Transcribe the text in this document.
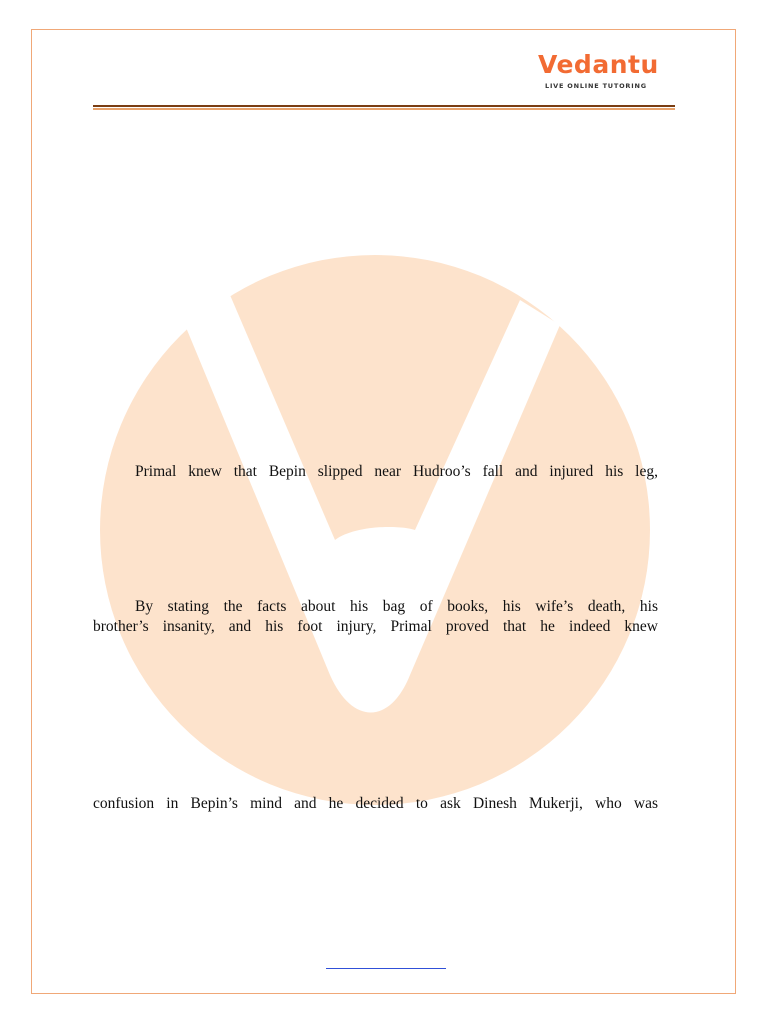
Vedantu
LIVE ONLINE TUTORING

Primal knew that Bepin slipped near Hudroo’s fall and injured his leg,

By stating the facts about his bag of books, his wife’s death, his
brother’s insanity, and his foot injury, Primal proved that he indeed knew

confusion in Bepin’s mind and he decided to ask Dinesh Mukerji, who was
